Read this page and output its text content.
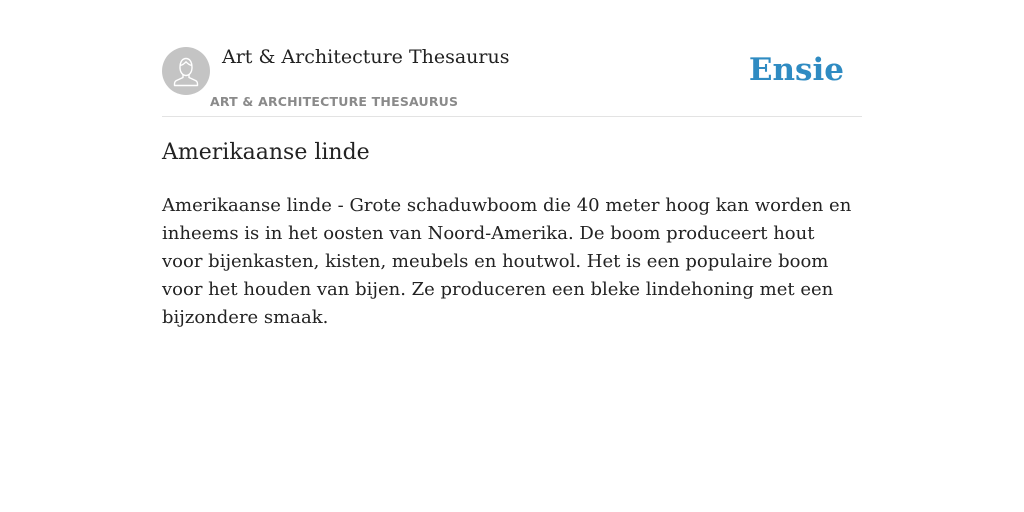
Art & Architecture Thesaurus
ART & ARCHITECTURE THESAURUS
Ensie
Amerikaanse linde

Amerikaanse linde - Grote schaduwboom die 40 meter hoog kan worden en inheems is in het oosten van Noord-Amerika. De boom produceert hout voor bijenkasten, kisten, meubels en houtwol. Het is een populaire boom voor het houden van bijen. Ze produceren een bleke lindehoning met een bijzondere smaak.
